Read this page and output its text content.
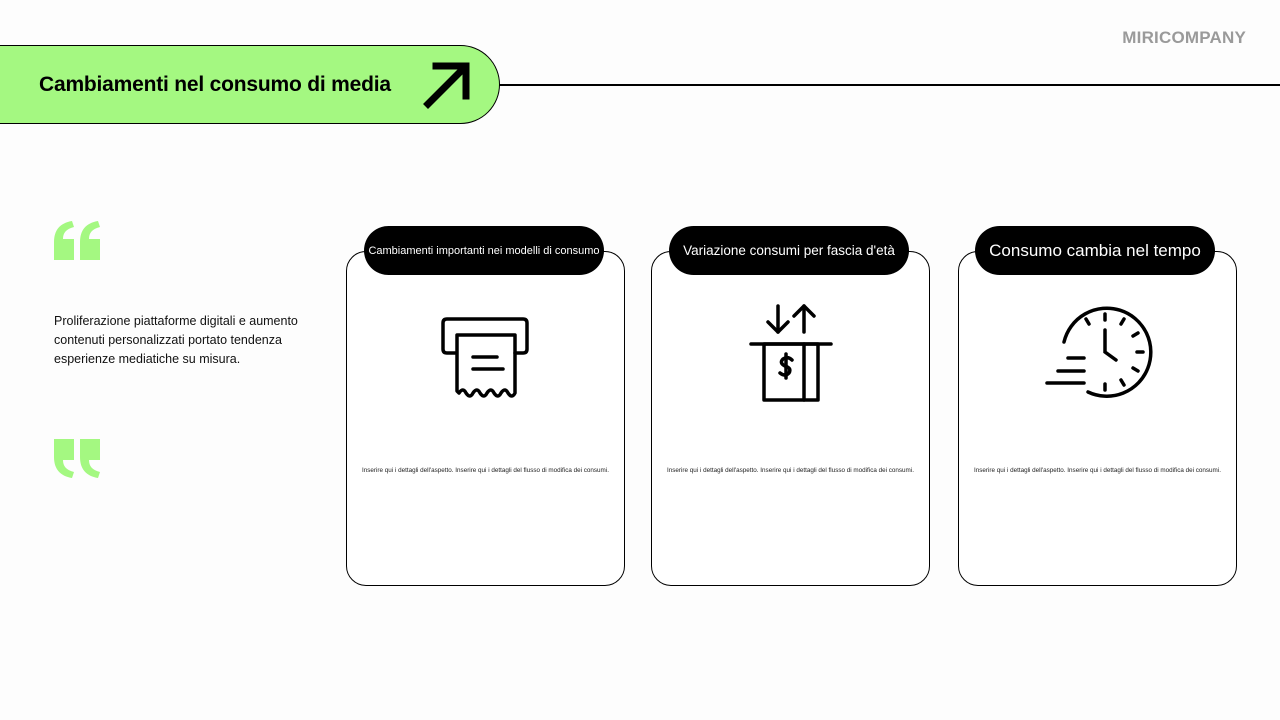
MIRICOMPANY
Cambiamenti nel consumo di media
Proliferazione piattaforme digitali e aumento contenuti personalizzati portato tendenza esperienze mediatiche su misura.
Cambiamenti importanti nei modelli di consumo
Inserire qui i dettagli dell'aspetto. Inserire qui i dettagli del flusso di modifica dei consumi.
Variazione consumi per fascia d'età
Inserire qui i dettagli dell'aspetto. Inserire qui i dettagli del flusso di modifica dei consumi.
Consumo cambia nel tempo
Inserire qui i dettagli dell'aspetto. Inserire qui i dettagli del flusso di modifica dei consumi.
